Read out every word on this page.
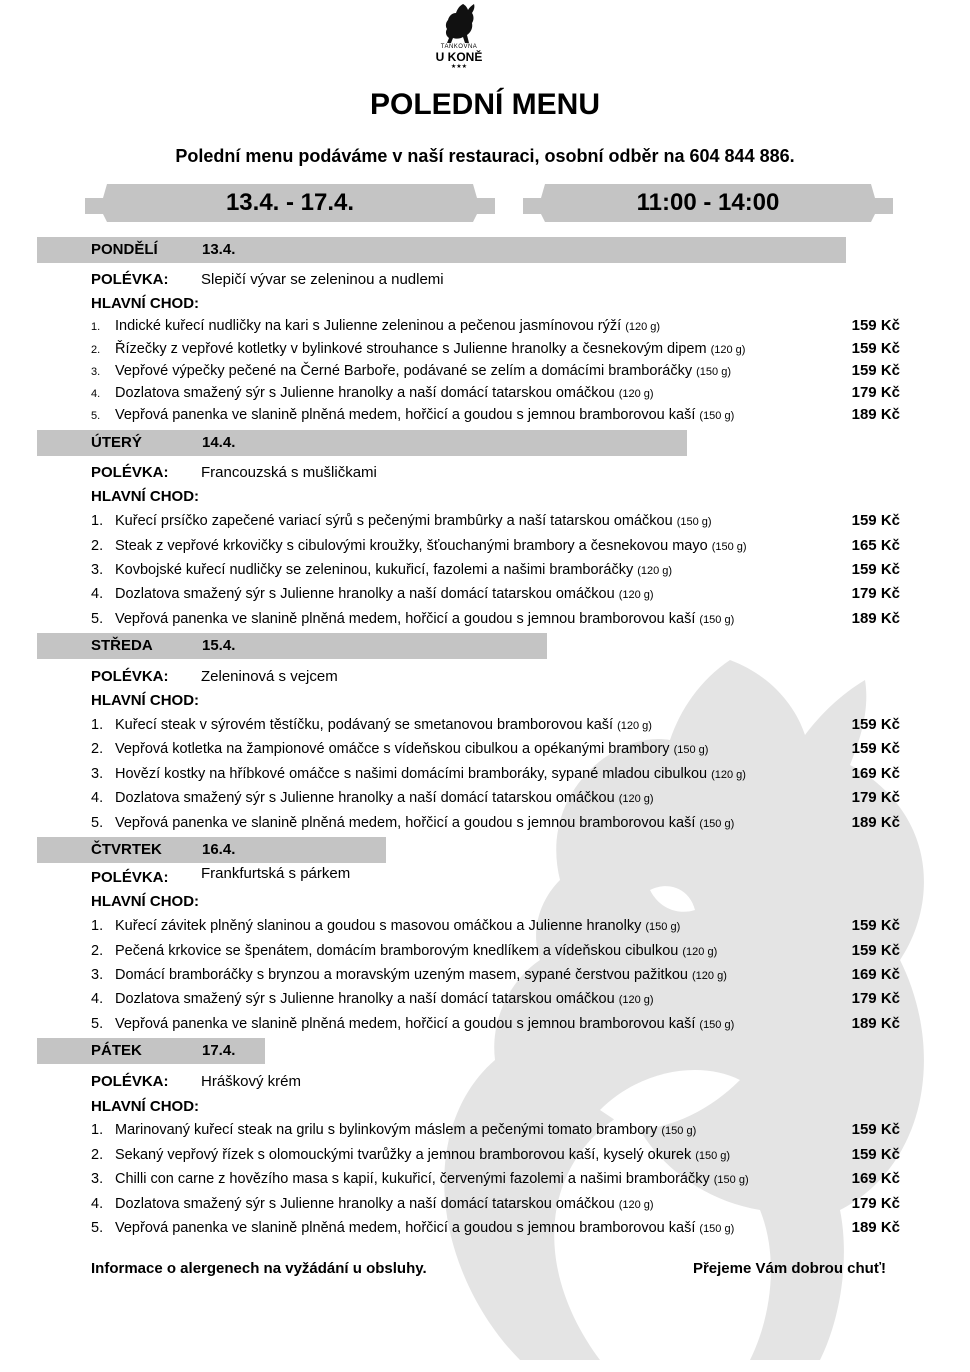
TANKOVNA
U KONĚ
★★★
POLEDNÍ MENU
Polední menu podáváme v naší restauraci, osobní odběr na 604 844 886.
13.4. - 17.4.	11:00 - 14:00
PONDĚLÍ	13.4.
POLÉVKA: Slepičí vývar se zeleninou a nudlemi
HLAVNÍ CHOD:
1. Indické kuřecí nudličky na kari s Julienne zeleninou a pečenou jasmínovou rýží (120 g)	159 Kč
2. Řízečky z vepřové kotletky v bylinkové strouhance s Julienne hranolky a česnekovým dipem (120 g)	159 Kč
3. Vepřové výpečky pečené na Černé Barboře, podávané se zelím a domácími bramboráčky (150 g)	159 Kč
4. Dozlatova smažený sýr s Julienne hranolky a naší domácí tatarskou omáčkou (120 g)	179 Kč
5. Vepřová panenka ve slanině plněná medem, hořčicí a goudou s jemnou bramborovou kaší (150 g)	189 Kč
ÚTERÝ	14.4.
POLÉVKA: Francouzská s mušličkami
HLAVNÍ CHOD:
1. Kuřecí prsíčko zapečené variací sýrů s pečenými brambûrky a naší tatarskou omáčkou (150 g)	159 Kč
2. Steak z vepřové krkovičky s cibulovými kroužky, šťouchanými brambory a česnekovou mayo (150 g)	165 Kč
3. Kovbojské kuřecí nudličky se zeleninou, kukuřicí, fazolemi a našimi bramboráčky (120 g)	159 Kč
4. Dozlatova smažený sýr s Julienne hranolky a naší domácí tatarskou omáčkou (120 g)	179 Kč
5. Vepřová panenka ve slanině plněná medem, hořčicí a goudou s jemnou bramborovou kaší (150 g)	189 Kč
STŘEDA	15.4.
POLÉVKA: Zeleninová s vejcem
HLAVNÍ CHOD:
1. Kuřecí steak v sýrovém těstíčku, podávaný se smetanovou bramborovou kaší (120 g)	159 Kč
2. Vepřová kotletka na žampionové omáčce s vídeňskou cibulkou a opékanými brambory (150 g)	159 Kč
3. Hovězí kostky na hříbkové omáčce s našimi domácími bramboráky, sypané mladou cibulkou (120 g)	169 Kč
4. Dozlatova smažený sýr s Julienne hranolky a naší domácí tatarskou omáčkou (120 g)	179 Kč
5. Vepřová panenka ve slanině plněná medem, hořčicí a goudou s jemnou bramborovou kaší (150 g)	189 Kč
ČTVRTEK	16.4.
POLÉVKA: Frankfurtská s párkem
HLAVNÍ CHOD:
1. Kuřecí závitek plněný slaninou a goudou s masovou omáčkou a Julienne hranolky (150 g)	159 Kč
2. Pečená krkovice se špenátem, domácím bramborovým knedlíkem a vídeňskou cibulkou (120 g)	159 Kč
3. Domácí bramboráčky s brynzou a moravským uzeným masem, sypané čerstvou pažitkou (120 g)	169 Kč
4. Dozlatova smažený sýr s Julienne hranolky a naší domácí tatarskou omáčkou (120 g)	179 Kč
5. Vepřová panenka ve slanině plněná medem, hořčicí a goudou s jemnou bramborovou kaší (150 g)	189 Kč
PÁTEK	17.4.
POLÉVKA: Hráškový krém
HLAVNÍ CHOD:
1. Marinovaný kuřecí steak na grilu s bylinkovým máslem a pečenými tomato brambory (150 g)	159 Kč
2. Sekaný vepřový řízek s olomouckými tvarůžky a jemnou bramborovou kaší, kyselý okurek (150 g)	159 Kč
3. Chilli con carne z hovězího masa s kapií, kukuřicí, červenými fazolemi a našimi bramboráčky (150 g)	169 Kč
4. Dozlatova smažený sýr s Julienne hranolky a naší domácí tatarskou omáčkou (120 g)	179 Kč
5. Vepřová panenka ve slanině plněná medem, hořčicí a goudou s jemnou bramborovou kaší (150 g)	189 Kč
Informace o alergenech na vyžádání u obsluhy.	Přejeme Vám dobrou chuť!
